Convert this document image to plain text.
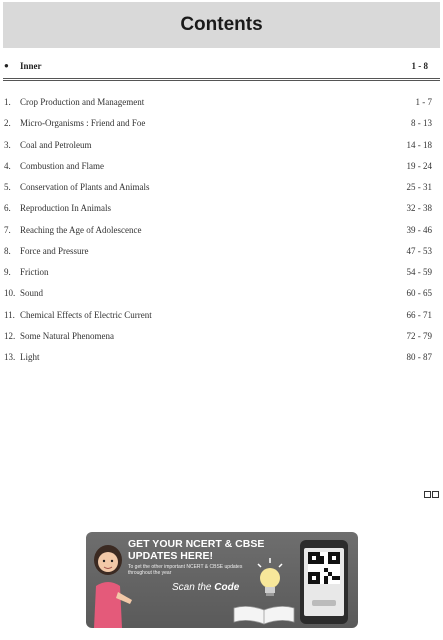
Contents
● Inner	1 - 8
1. Crop Production and Management	1 - 7
2. Micro-Organisms : Friend and Foe	8 - 13
3. Coal and Petroleum	14 - 18
4. Combustion and Flame	19 - 24
5. Conservation of Plants and Animals	25 - 31
6. Reproduction In Animals	32 - 38
7. Reaching the Age of Adolescence	39 - 46
8. Force and Pressure	47 - 53
9. Friction	54 - 59
10. Sound	60 - 65
11. Chemical Effects of Electric Current	66 - 71
12. Some Natural Phenomena	72 - 79
13. Light	80 - 87
GET YOUR NCERT & CBSE
UPDATES HERE!
To get the other important NCERT & CBSE updates throughout the year
Scan the Code
